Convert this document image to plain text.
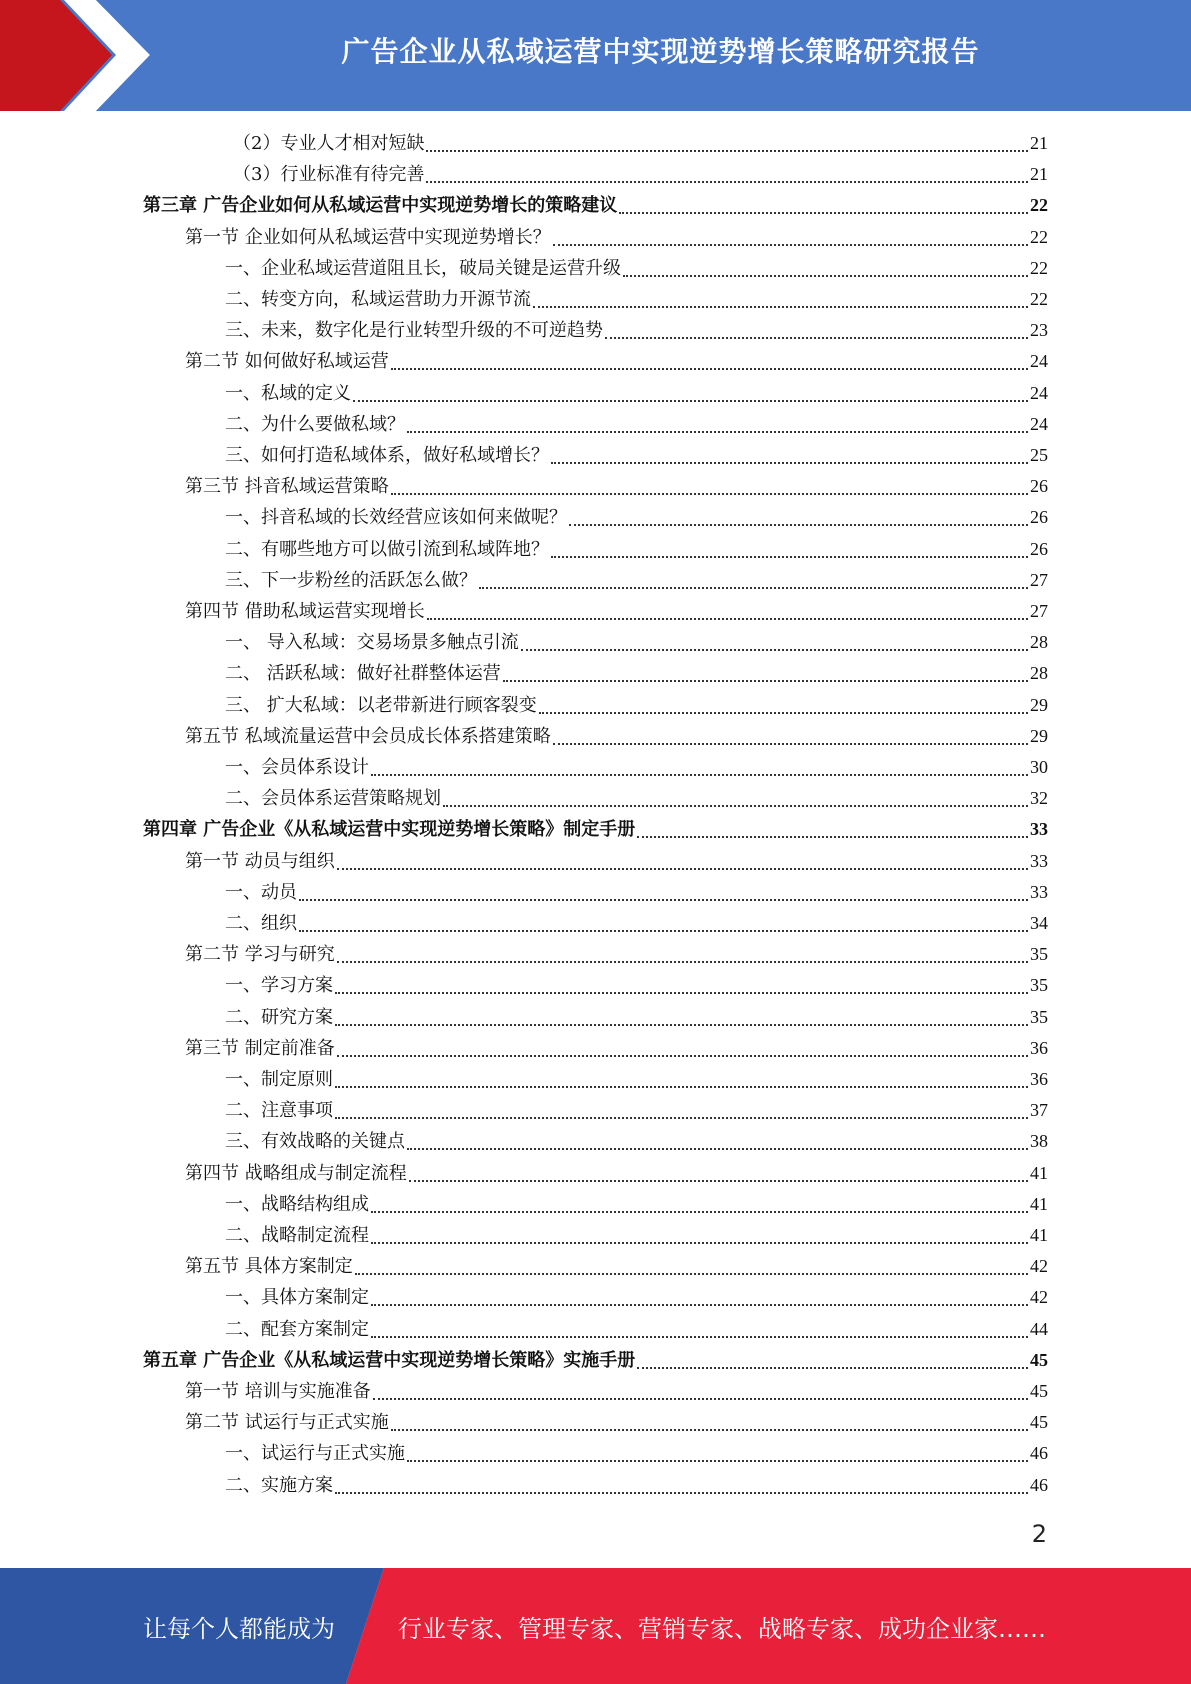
广告企业从私域运营中实现逆势增长策略研究报告
（2）专业人才相对短缺	21
（3）行业标准有待完善	21
第三章 广告企业如何从私域运营中实现逆势增长的策略建议	22
第一节 企业如何从私域运营中实现逆势增长？	22
一、企业私域运营道阻且长，破局关键是运营升级	22
二、转变方向，私域运营助力开源节流	22
三、未来，数字化是行业转型升级的不可逆趋势	23
第二节 如何做好私域运营	24
一、私域的定义	24
二、为什么要做私域？	24
三、如何打造私域体系，做好私域增长？	25
第三节 抖音私域运营策略	26
一、抖音私域的长效经营应该如何来做呢？	26
二、有哪些地方可以做引流到私域阵地？	26
三、下一步粉丝的活跃怎么做？	27
第四节 借助私域运营实现增长	27
一、 导入私域：交易场景多触点引流	28
二、 活跃私域：做好社群整体运营	28
三、 扩大私域：以老带新进行顾客裂变	29
第五节 私域流量运营中会员成长体系搭建策略	29
一、会员体系设计	30
二、会员体系运营策略规划	32
第四章 广告企业《从私域运营中实现逆势增长策略》制定手册	33
第一节 动员与组织	33
一、动员	33
二、组织	34
第二节 学习与研究	35
一、学习方案	35
二、研究方案	35
第三节 制定前准备	36
一、制定原则	36
二、注意事项	37
三、有效战略的关键点	38
第四节 战略组成与制定流程	41
一、战略结构组成	41
二、战略制定流程	41
第五节 具体方案制定	42
一、具体方案制定	42
二、配套方案制定	44
第五章 广告企业《从私域运营中实现逆势增长策略》实施手册	45
第一节 培训与实施准备	45
第二节 试运行与正式实施	45
一、试运行与正式实施	46
二、实施方案	46
2
让每个人都能成为	行业专家、管理专家、营销专家、战略专家、成功企业家……
